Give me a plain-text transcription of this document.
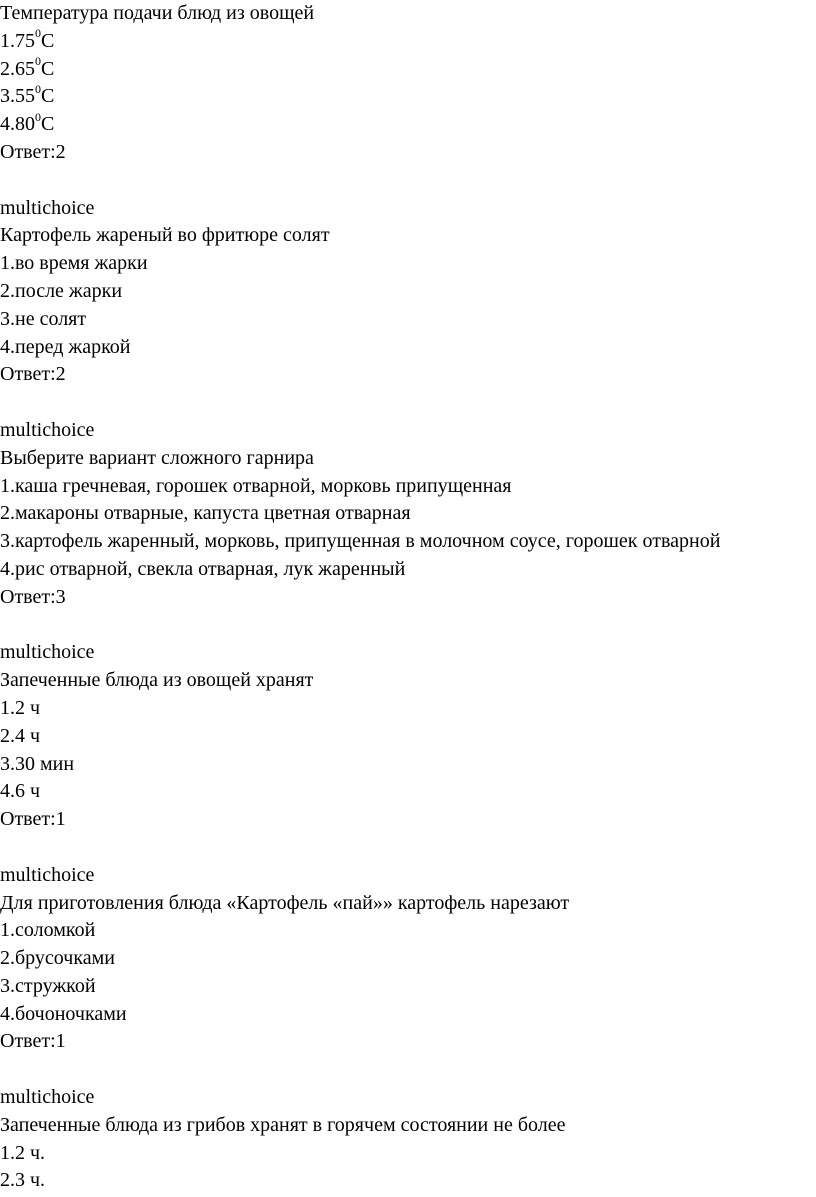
Температура подачи блюд из овощей

1.75$^0$С

2.65$^0$С

3.55$^0$С

4.80$^0$С

Ответ:2

multichoice

Картофель жареный во фритюре солят

1.во время жарки

2.после жарки

3.не солят

4.перед жаркой

Ответ:2

multichoice

Выберите вариант сложного гарнира

1.каша гречневая, горошек отварной, морковь припущенная

2.макароны отварные, капуста цветная отварная

3.картофель жаренный, морковь, припущенная в молочном соусе, горошек отварной

4.рис отварной, свекла отварная, лук жаренный

Ответ:3

multichoice

Запеченные блюда из овощей хранят

1.2 ч

2.4 ч

3.30 мин

4.6 ч

Ответ:1

multichoice

Для приготовления блюда «Картофель «пай»» картофель нарезают

1.соломкой

2.брусочками

3.стружкой

4.бочоночками

Ответ:1

multichoice

Запеченные блюда из грибов хранят в горячем состоянии не более

1.2 ч.

2.3 ч.
